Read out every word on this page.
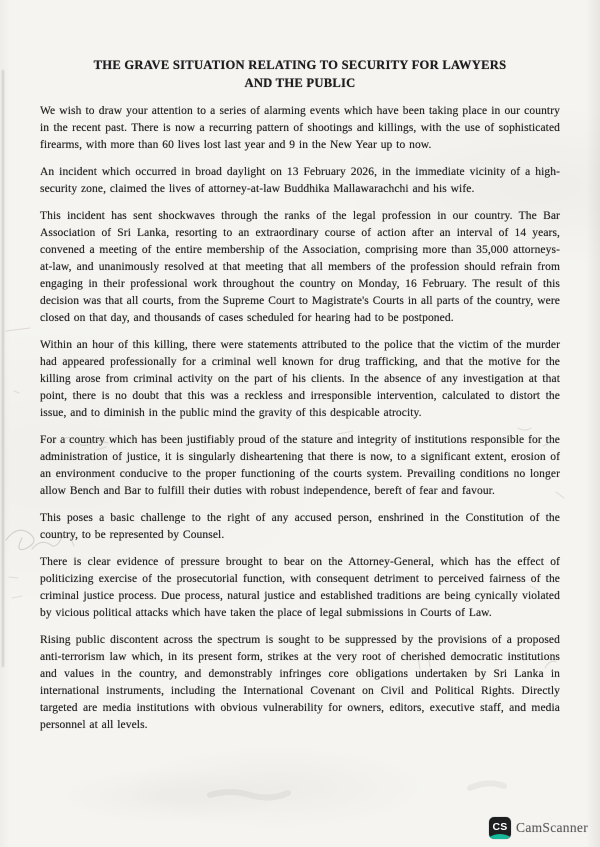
THE GRAVE SITUATION RELATING TO SECURITY FOR LAWYERS
AND THE PUBLIC

We wish to draw your attention to a series of alarming events which have been taking place in our country in the recent past. There is now a recurring pattern of shootings and killings, with the use of sophisticated firearms, with more than 60 lives lost last year and 9 in the New Year up to now.

An incident which occurred in broad daylight on 13 February 2026, in the immediate vicinity of a high- security zone, claimed the lives of attorney-at-law Buddhika Mallawarachchi and his wife.

This incident has sent shockwaves through the ranks of the legal profession in our country. The Bar Association of Sri Lanka, resorting to an extraordinary course of action after an interval of 14 years, convened a meeting of the entire membership of the Association, comprising more than 35,000 attorneys- at-law, and unanimously resolved at that meeting that all members of the profession should refrain from engaging in their professional work throughout the country on Monday, 16 February. The result of this decision was that all courts, from the Supreme Court to Magistrate's Courts in all parts of the country, were closed on that day, and thousands of cases scheduled for hearing had to be postponed.

Within an hour of this killing, there were statements attributed to the police that the victim of the murder had appeared professionally for a criminal well known for drug trafficking, and that the motive for the killing arose from criminal activity on the part of his clients. In the absence of any investigation at that point, there is no doubt that this was a reckless and irresponsible intervention, calculated to distort the issue, and to diminish in the public mind the gravity of this despicable atrocity.

For a country which has been justifiably proud of the stature and integrity of institutions responsible for the administration of justice, it is singularly disheartening that there is now, to a significant extent, erosion of an environment conducive to the proper functioning of the courts system. Prevailing conditions no longer allow Bench and Bar to fulfill their duties with robust independence, bereft of fear and favour.

This poses a basic challenge to the right of any accused person, enshrined in the Constitution of the country, to be represented by Counsel.

There is clear evidence of pressure brought to bear on the Attorney-General, which has the effect of politicizing exercise of the prosecutorial function, with consequent detriment to perceived fairness of the criminal justice process. Due process, natural justice and established traditions are being cynically violated by vicious political attacks which have taken the place of legal submissions in Courts of Law.

Rising public discontent across the spectrum is sought to be suppressed by the provisions of a proposed anti-terrorism law which, in its present form, strikes at the very root of cherished democratic institutions and values in the country, and demonstrably infringes core obligations undertaken by Sri Lanka in international instruments, including the International Covenant on Civil and Political Rights. Directly targeted are media institutions with obvious vulnerability for owners, editors, executive staff, and media personnel at all levels.

CS CamScanner
